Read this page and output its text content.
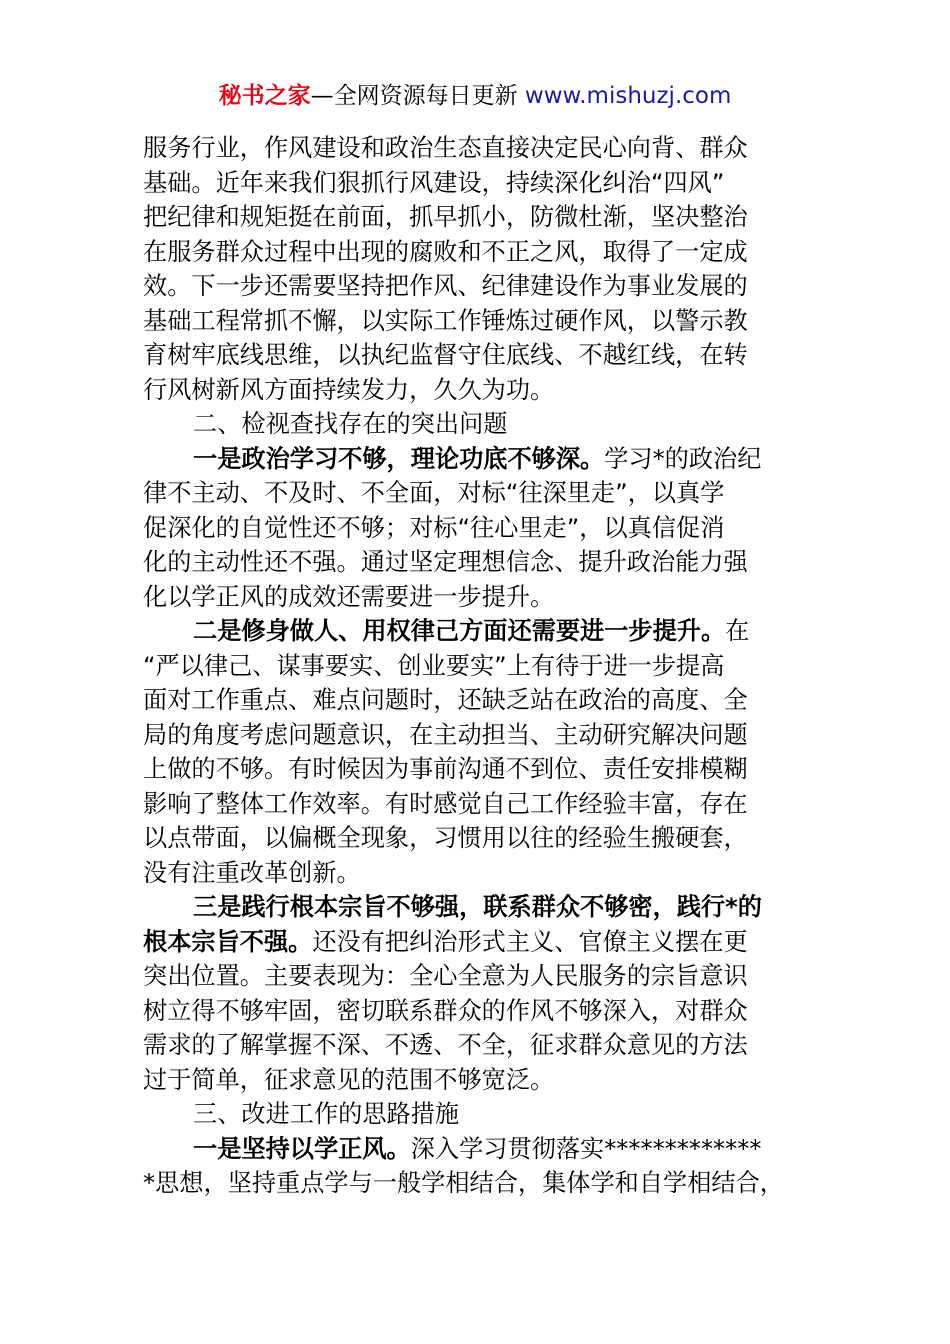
秘书之家—全网资源每日更新 www.mishuzj.com
服务行业，作风建设和政治生态直接决定民心向背、群众
基础。近年来我们狠抓行风建设，持续深化纠治“四风”
把纪律和规矩挺在前面，抓早抓小，防微杜渐，坚决整治
在服务群众过程中出现的腐败和不正之风，取得了一定成
效。下一步还需要坚持把作风、纪律建设作为事业发展的
基础工程常抓不懈，以实际工作锤炼过硬作风，以警示教
育树牢底线思维，以执纪监督守住底线、不越红线，在转
行风树新风方面持续发力，久久为功。
二、检视查找存在的突出问题
一是政治学习不够，理论功底不够深。学习*的政治纪
律不主动、不及时、不全面，对标“往深里走”，以真学
促深化的自觉性还不够；对标“往心里走”，以真信促消
化的主动性还不强。通过坚定理想信念、提升政治能力强
化以学正风的成效还需要进一步提升。
二是修身做人、用权律己方面还需要进一步提升。在
“严以律己、谋事要实、创业要实”上有待于进一步提高
面对工作重点、难点问题时，还缺乏站在政治的高度、全
局的角度考虑问题意识，在主动担当、主动研究解决问题
上做的不够。有时候因为事前沟通不到位、责任安排模糊
影响了整体工作效率。有时感觉自己工作经验丰富，存在
以点带面，以偏概全现象，习惯用以往的经验生搬硬套，
没有注重改革创新。
三是践行根本宗旨不够强，联系群众不够密，践行*的
根本宗旨不强。还没有把纠治形式主义、官僚主义摆在更
突出位置。主要表现为：全心全意为人民服务的宗旨意识
树立得不够牢固，密切联系群众的作风不够深入，对群众
需求的了解掌握不深、不透、不全，征求群众意见的方法
过于简单，征求意见的范围不够宽泛。
三、改进工作的思路措施
一是坚持以学正风。深入学习贯彻落实*************
*思想，坚持重点学与一般学相结合，集体学和自学相结合，
